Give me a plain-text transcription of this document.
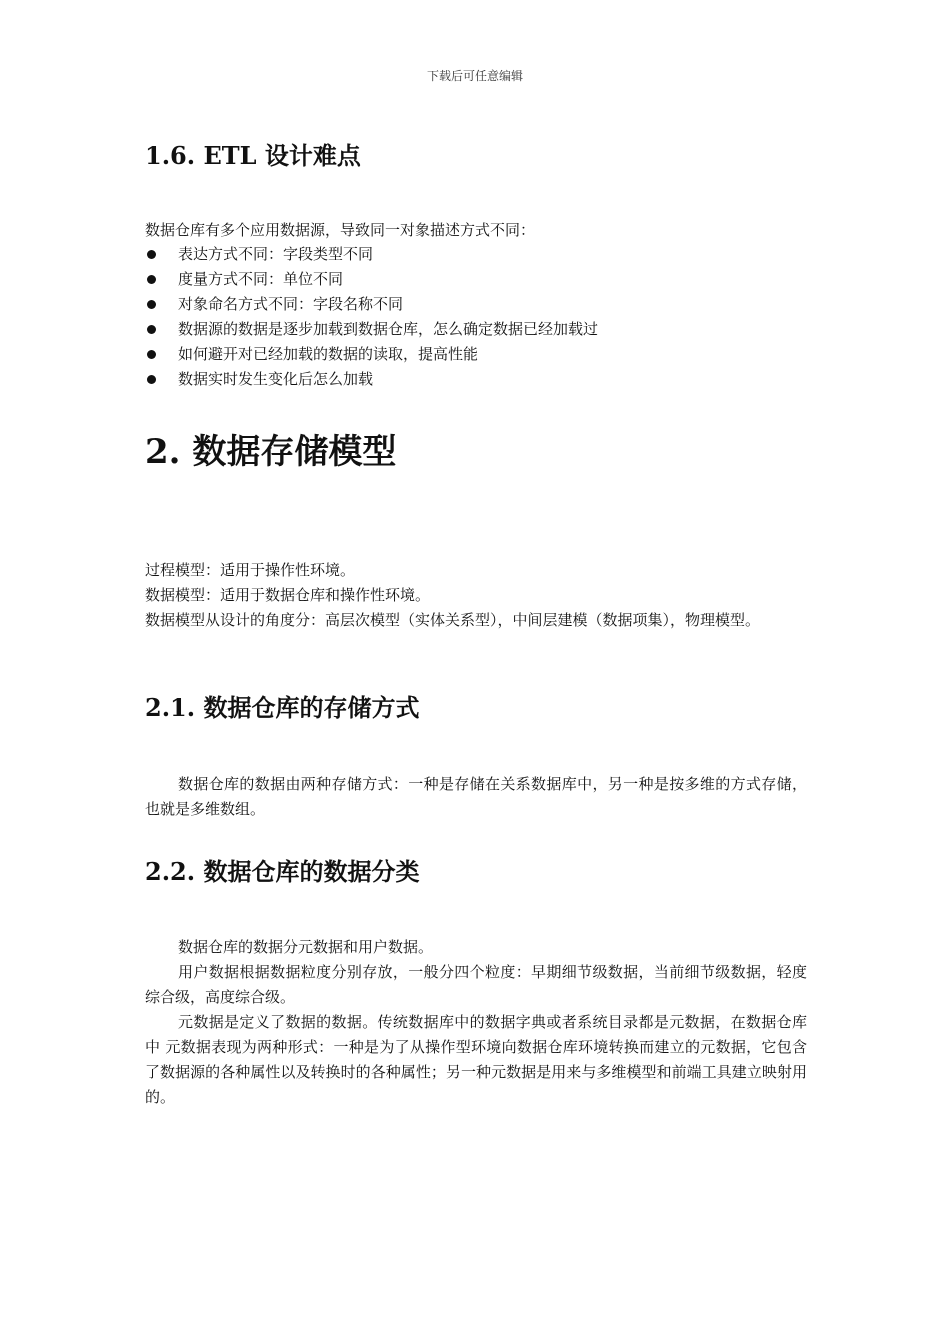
下载后可任意编辑
1.6. ETL 设计难点
数据仓库有多个应用数据源，导致同一对象描述方式不同：
表达方式不同：字段类型不同
度量方式不同：单位不同
对象命名方式不同：字段名称不同
数据源的数据是逐步加载到数据仓库，怎么确定数据已经加载过
如何避开对已经加载的数据的读取，提高性能
数据实时发生变化后怎么加载
2. 数据存储模型
过程模型：适用于操作性环境。
数据模型：适用于数据仓库和操作性环境。
数据模型从设计的角度分：高层次模型（实体关系型），中间层建模（数据项集），物理模型。
2.1. 数据仓库的存储方式
数据仓库的数据由两种存储方式：一种是存储在关系数据库中，另一种是按多维的方式存储，也就是多维数组。
2.2. 数据仓库的数据分类
数据仓库的数据分元数据和用户数据。
用户数据根据数据粒度分别存放，一般分四个粒度：早期细节级数据，当前细节级数据，轻度综合级，高度综合级。
元数据是定义了数据的数据。传统数据库中的数据字典或者系统目录都是元数据，在数据仓库中 元数据表现为两种形式：一种是为了从操作型环境向数据仓库环境转换而建立的元数据，它包含了数据源的各种属性以及转换时的各种属性；另一种元数据是用来与多维模型和前端工具建立映射用的。
